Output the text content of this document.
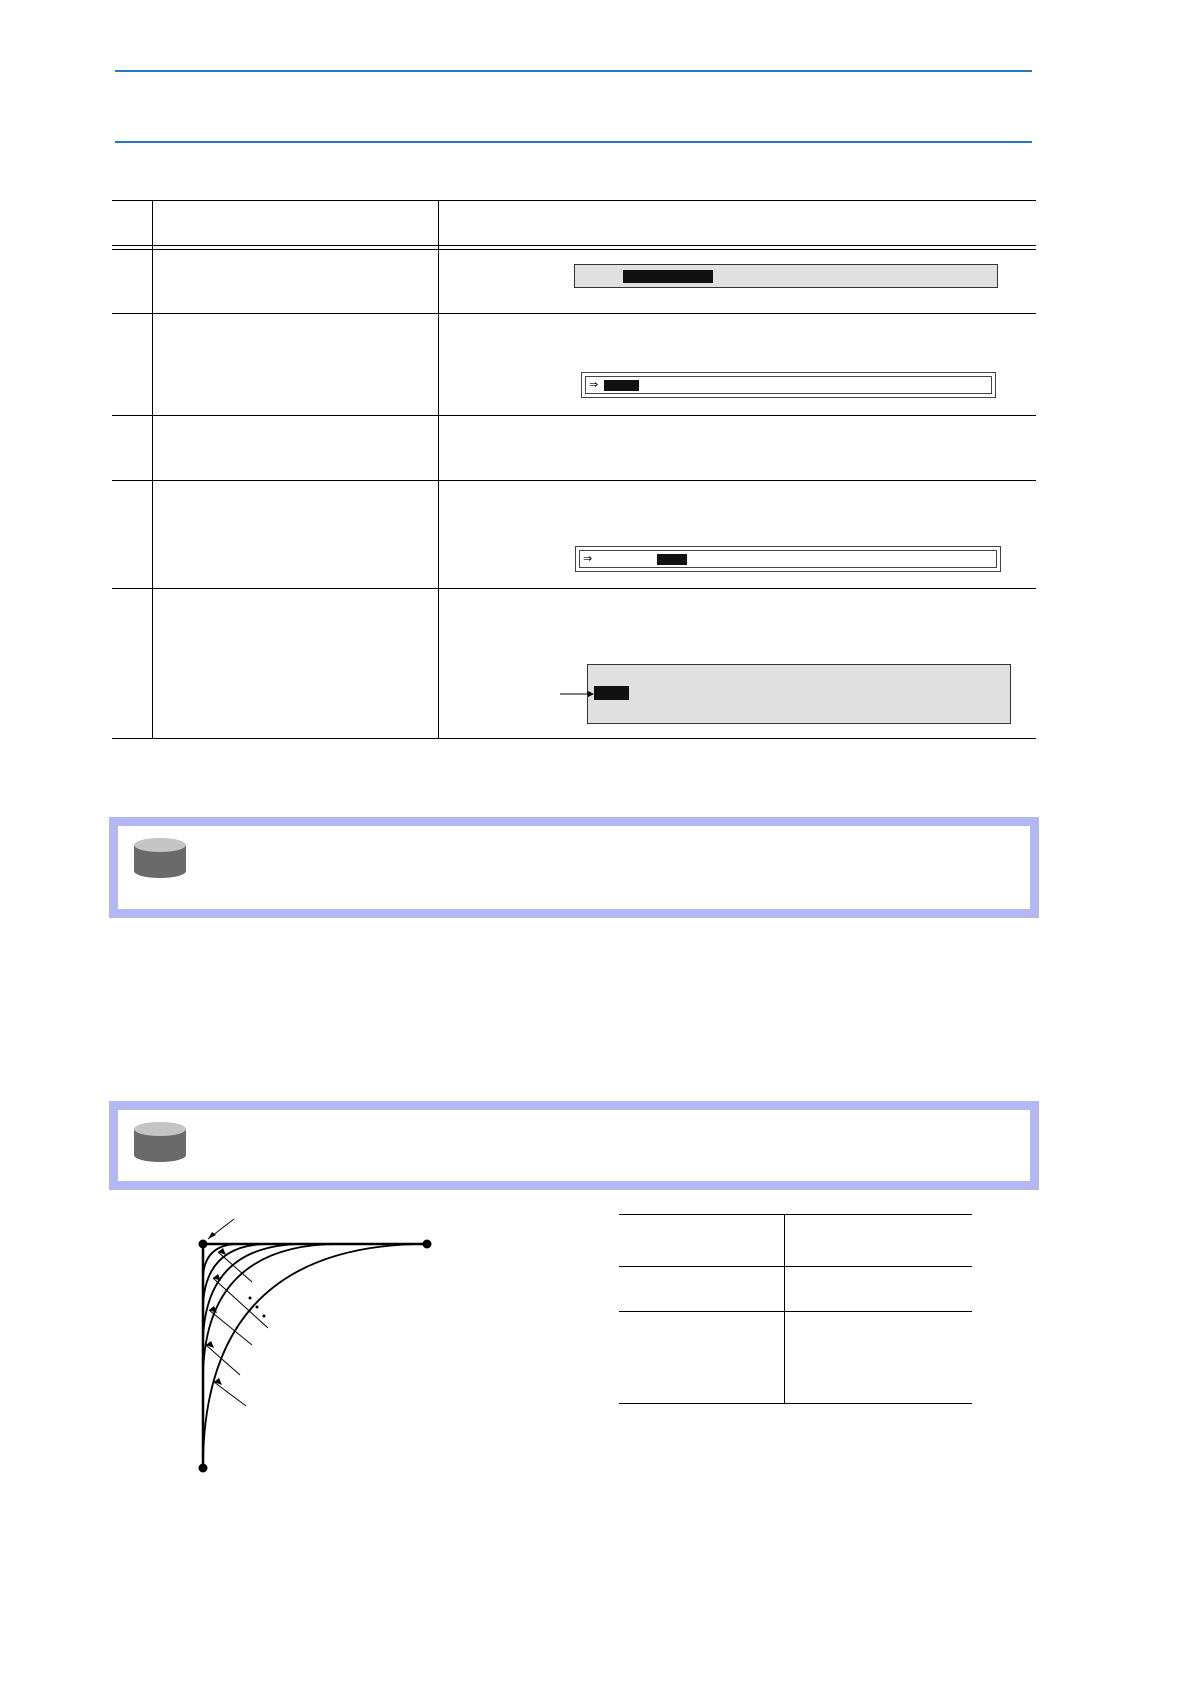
⇒
⇒
